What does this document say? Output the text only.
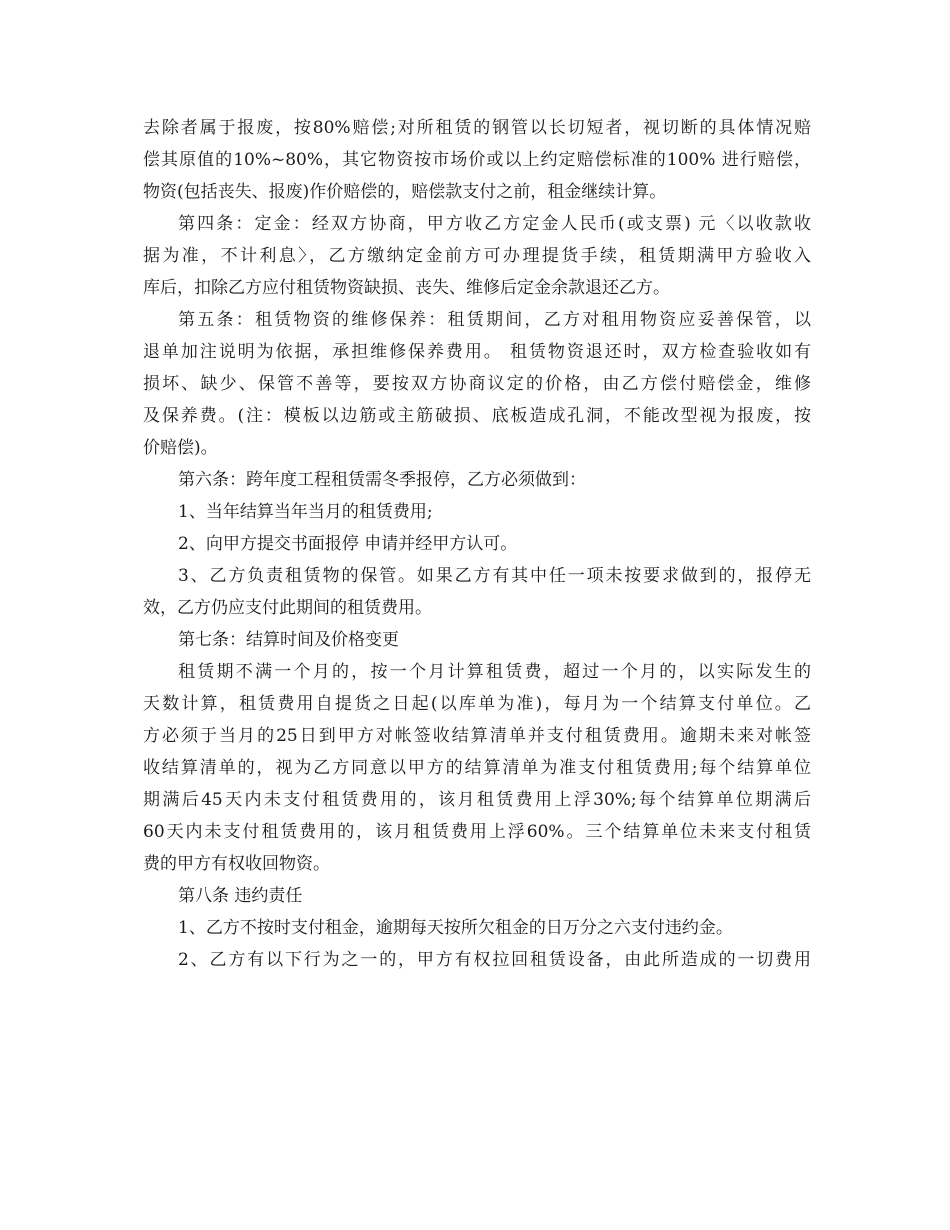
去除者属于报废，按80%赔偿;对所租赁的钢管以长切短者，视切断的具体情况赔
偿其原值的10%~80%，其它物资按市场价或以上约定赔偿标准的100% 进行赔偿，
物资(包括丧失、报废)作价赔偿的，赔偿款支付之前，租金继续计算。
第四条：定金：经双方协商，甲方收乙方定金人民币(或支票) 元〈以收款收
据为准，不计利息〉，乙方缴纳定金前方可办理提货手续，租赁期满甲方验收入
库后，扣除乙方应付租赁物资缺损、丧失、维修后定金余款退还乙方。
第五条：租赁物资的维修保养：租赁期间，乙方对租用物资应妥善保管，以
退单加注说明为依据，承担维修保养费用。 租赁物资退还时，双方检查验收如有
损坏、缺少、保管不善等，要按双方协商议定的价格，由乙方偿付赔偿金，维修
及保养费。(注：模板以边筋或主筋破损、底板造成孔洞，不能改型视为报废，按
价赔偿)。
第六条：跨年度工程租赁需冬季报停，乙方必须做到：
1、当年结算当年当月的租赁费用;
2、向甲方提交书面报停 申请并经甲方认可。
3、乙方负责租赁物的保管。如果乙方有其中任一项未按要求做到的，报停无
效，乙方仍应支付此期间的租赁费用。
第七条：结算时间及价格变更
租赁期不满一个月的，按一个月计算租赁费，超过一个月的，以实际发生的
天数计算，租赁费用自提货之日起(以库单为准)，每月为一个结算支付单位。乙
方必须于当月的25日到甲方对帐签收结算清单并支付租赁费用。逾期未来对帐签
收结算清单的，视为乙方同意以甲方的结算清单为准支付租赁费用;每个结算单位
期满后45天内未支付租赁费用的，该月租赁费用上浮30%;每个结算单位期满后
60天内未支付租赁费用的，该月租赁费用上浮60%。三个结算单位未来支付租赁
费的甲方有权收回物资。
第八条 违约责任
1、乙方不按时支付租金，逾期每天按所欠租金的日万分之六支付违约金。
2、乙方有以下行为之一的，甲方有权拉回租赁设备，由此所造成的一切费用
